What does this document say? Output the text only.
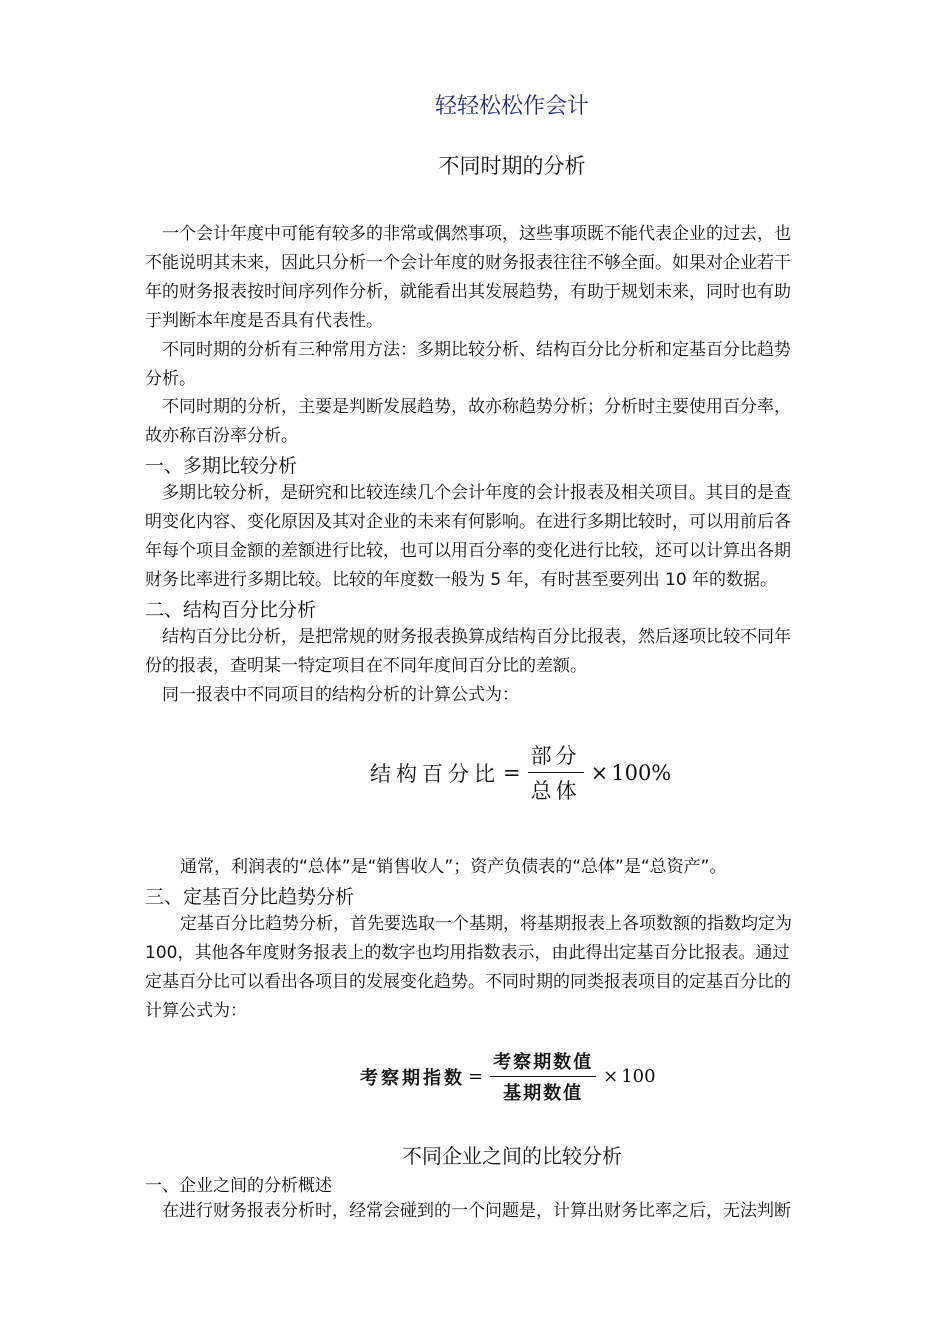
轻轻松松作会计
不同时期的分析
一个会计年度中可能有较多的非常或偶然事项，这些事项既不能代表企业的过去，也
不能说明其未来，因此只分析一个会计年度的财务报表往往不够全面。如果对企业若干
年的财务报表按时间序列作分析，就能看出其发展趋势，有助于规划未来，同时也有助
于判断本年度是否具有代表性。
不同时期的分析有三种常用方法：多期比较分析、结构百分比分析和定基百分比趋势
分析。
不同时期的分析，主要是判断发展趋势，故亦称趋势分析；分析时主要使用百分率，
故亦称百汾率分析。
一、多期比较分析
多期比较分析，是研究和比较连续几个会计年度的会计报表及相关项目。其目的是查
明变化内容、变化原因及其对企业的未来有何影响。在进行多期比较时，可以用前后各
年每个项目金额的差额进行比较，也可以用百分率的变化进行比较，还可以计算出各期
财务比率进行多期比较。比较的年度数一般为 5 年，有时甚至要列出 10 年的数据。
二、结构百分比分析
结构百分比分析，是把常规的财务报表换算成结构百分比报表，然后逐项比较不同年
份的报表，查明某一特定项目在不同年度间百分比的差额。
同一报表中不同项目的结构分析的计算公式为：
结构百分比 = $\frac{\text{部分}}{\text{总体}} \times 100\%$
通常，利润表的“总体”是“销售收人”；资产负债表的“总体”是“总资产”。
三、定基百分比趋势分析
定基百分比趋势分析，首先要选取一个基期，将基期报表上各项数额的指数均定为
100，其他各年度财务报表上的数字也均用指数表示，由此得出定基百分比报表。通过
定基百分比可以看出各项目的发展变化趋势。不同时期的同类报表项目的定基百分比的
计算公式为：
考察期指数 = $\frac{\text{考察期数值}}{\text{基期数值}} \times 100$
不同企业之间的比较分析
一、企业之间的分析概述
在进行财务报表分析时，经常会碰到的一个问题是，计算出财务比率之后，无法判断
